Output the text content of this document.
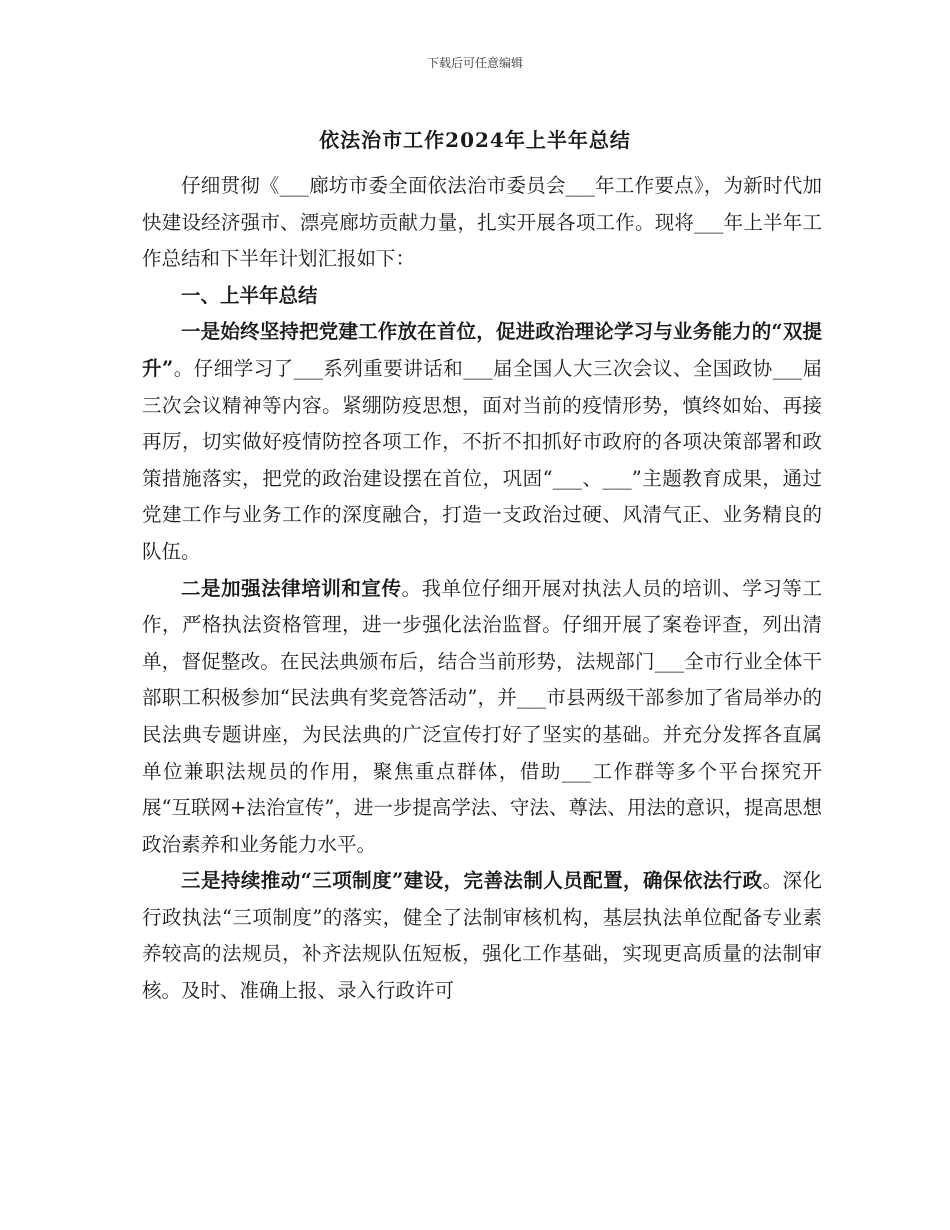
下载后可任意编辑
依法治市工作2024年上半年总结

仔细贯彻《___廊坊市委全面依法治市委员会___年工作要点》，为新时代加快建设经济强市、漂亮廊坊贡献力量，扎实开展各项工作。现将___年上半年工作总结和下半年计划汇报如下：

一、上半年总结

一是始终坚持把党建工作放在首位，促进政治理论学习与业务能力的“双提升”。仔细学习了___系列重要讲话和___届全国人大三次会议、全国政协___届三次会议精神等内容。紧绷防疫思想，面对当前的疫情形势，慎终如始、再接再厉，切实做好疫情防控各项工作，不折不扣抓好市政府的各项决策部署和政策措施落实，把党的政治建设摆在首位，巩固“___、___”主题教育成果，通过党建工作与业务工作的深度融合，打造一支政治过硬、风清气正、业务精良的队伍。

二是加强法律培训和宣传。我单位仔细开展对执法人员的培训、学习等工作，严格执法资格管理，进一步强化法治监督。仔细开展了案卷评查，列出清单，督促整改。在民法典颁布后，结合当前形势，法规部门___全市行业全体干部职工积极参加“民法典有奖竞答活动”，并___市县两级干部参加了省局举办的民法典专题讲座，为民法典的广泛宣传打好了坚实的基础。并充分发挥各直属单位兼职法规员的作用，聚焦重点群体，借助___工作群等多个平台探究开展“互联网+法治宣传”，进一步提高学法、守法、尊法、用法的意识，提高思想政治素养和业务能力水平。

三是持续推动“三项制度”建设，完善法制人员配置，确保依法行政。深化行政执法“三项制度”的落实，健全了法制审核机构，基层执法单位配备专业素养较高的法规员，补齐法规队伍短板，强化工作基础，实现更高质量的法制审核。及时、准确上报、录入行政许可
